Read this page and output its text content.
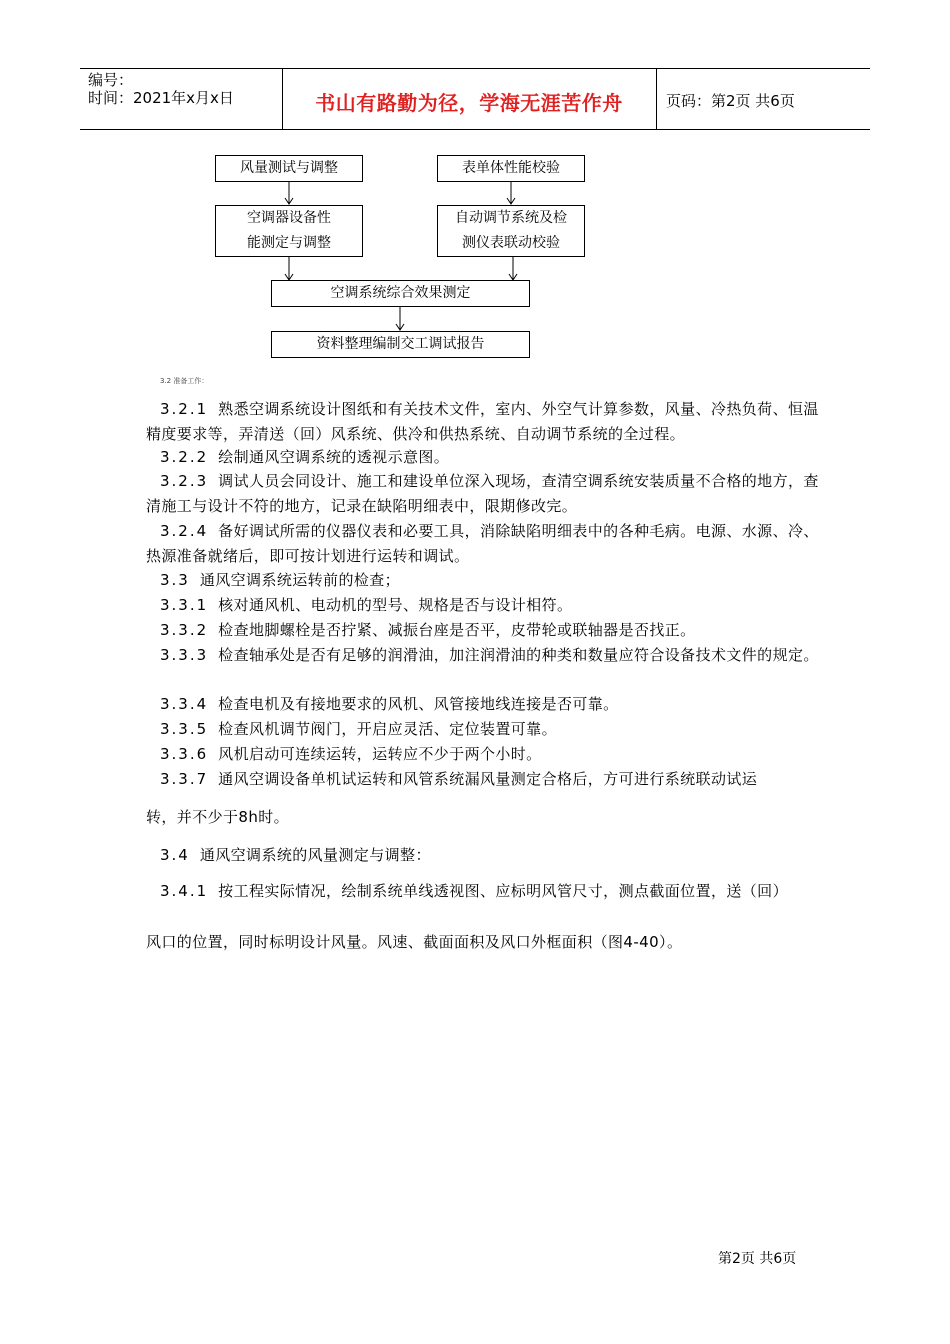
编号：
时间：2021年x月x日	书山有路勤为径，学海无涯苦作舟	页码：第2页 共6页
风量测试与调整	表单体性能校验
空调器设备性
能测定与调整
自动调节系统及检
测仪表联动校验
空调系统综合效果测定
资料整理编制交工调试报告
3.2 准备工作：

3.2.1 熟悉空调系统设计图纸和有关技术文件，室内、外空气计算参数，风量、冷热负荷、恒温精度要求等，弄清送（回）风系统、供冷和供热系统、自动调节系统的全过程。

3.2.2 绘制通风空调系统的透视示意图。

3.2.3 调试人员会同设计、施工和建设单位深入现场，查清空调系统安装质量不合格的地方，查清施工与设计不符的地方，记录在缺陷明细表中，限期修改完。

3.2.4 备好调试所需的仪器仪表和必要工具，消除缺陷明细表中的各种毛病。电源、水源、冷、热源准备就绪后，即可按计划进行运转和调试。

3.3 通风空调系统运转前的检查；

3.3.1 核对通风机、电动机的型号、规格是否与设计相符。

3.3.2 检查地脚螺栓是否拧紧、减振台座是否平，皮带轮或联轴器是否找正。

3.3.3 检查轴承处是否有足够的润滑油，加注润滑油的种类和数量应符合设备技术文件的规定。

3.3.4 检查电机及有接地要求的风机、风管接地线连接是否可靠。

3.3.5 检查风机调节阀门，开启应灵活、定位装置可靠。

3.3.6 风机启动可连续运转，运转应不少于两个小时。

3.3.7 通风空调设备单机试运转和风管系统漏风量测定合格后，方可进行系统联动试运

转，并不少于8h时。

3.4 通风空调系统的风量测定与调整：

3.4.1 按工程实际情况，绘制系统单线透视图、应标明风管尺寸，测点截面位置，送（回）

风口的位置，同时标明设计风量。风速、截面面积及风口外框面积（图4-40）。

第2页 共6页
